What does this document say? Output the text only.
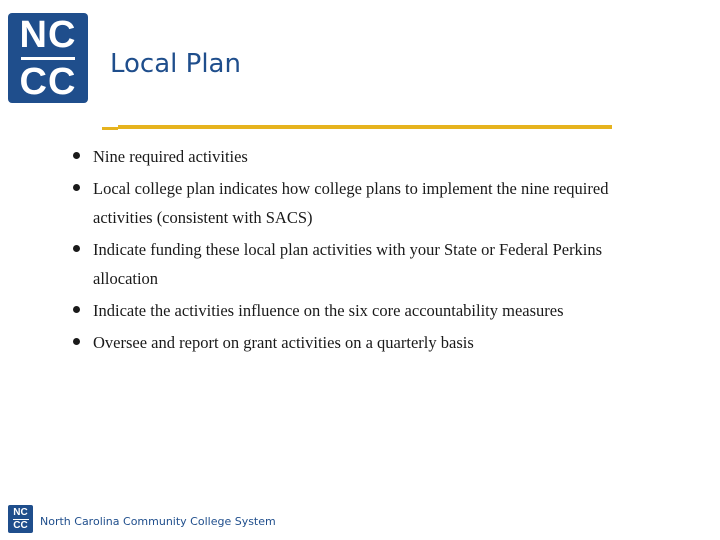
NC
CC Local Plan
Nine required activities
Local college plan indicates how college plans to implement the nine required activities (consistent with SACS)
Indicate funding these local plan activities with your State or Federal Perkins allocation
Indicate the activities influence on the six core accountability measures
Oversee and report on grant activities on a quarterly basis
NC
CC North Carolina Community College System
